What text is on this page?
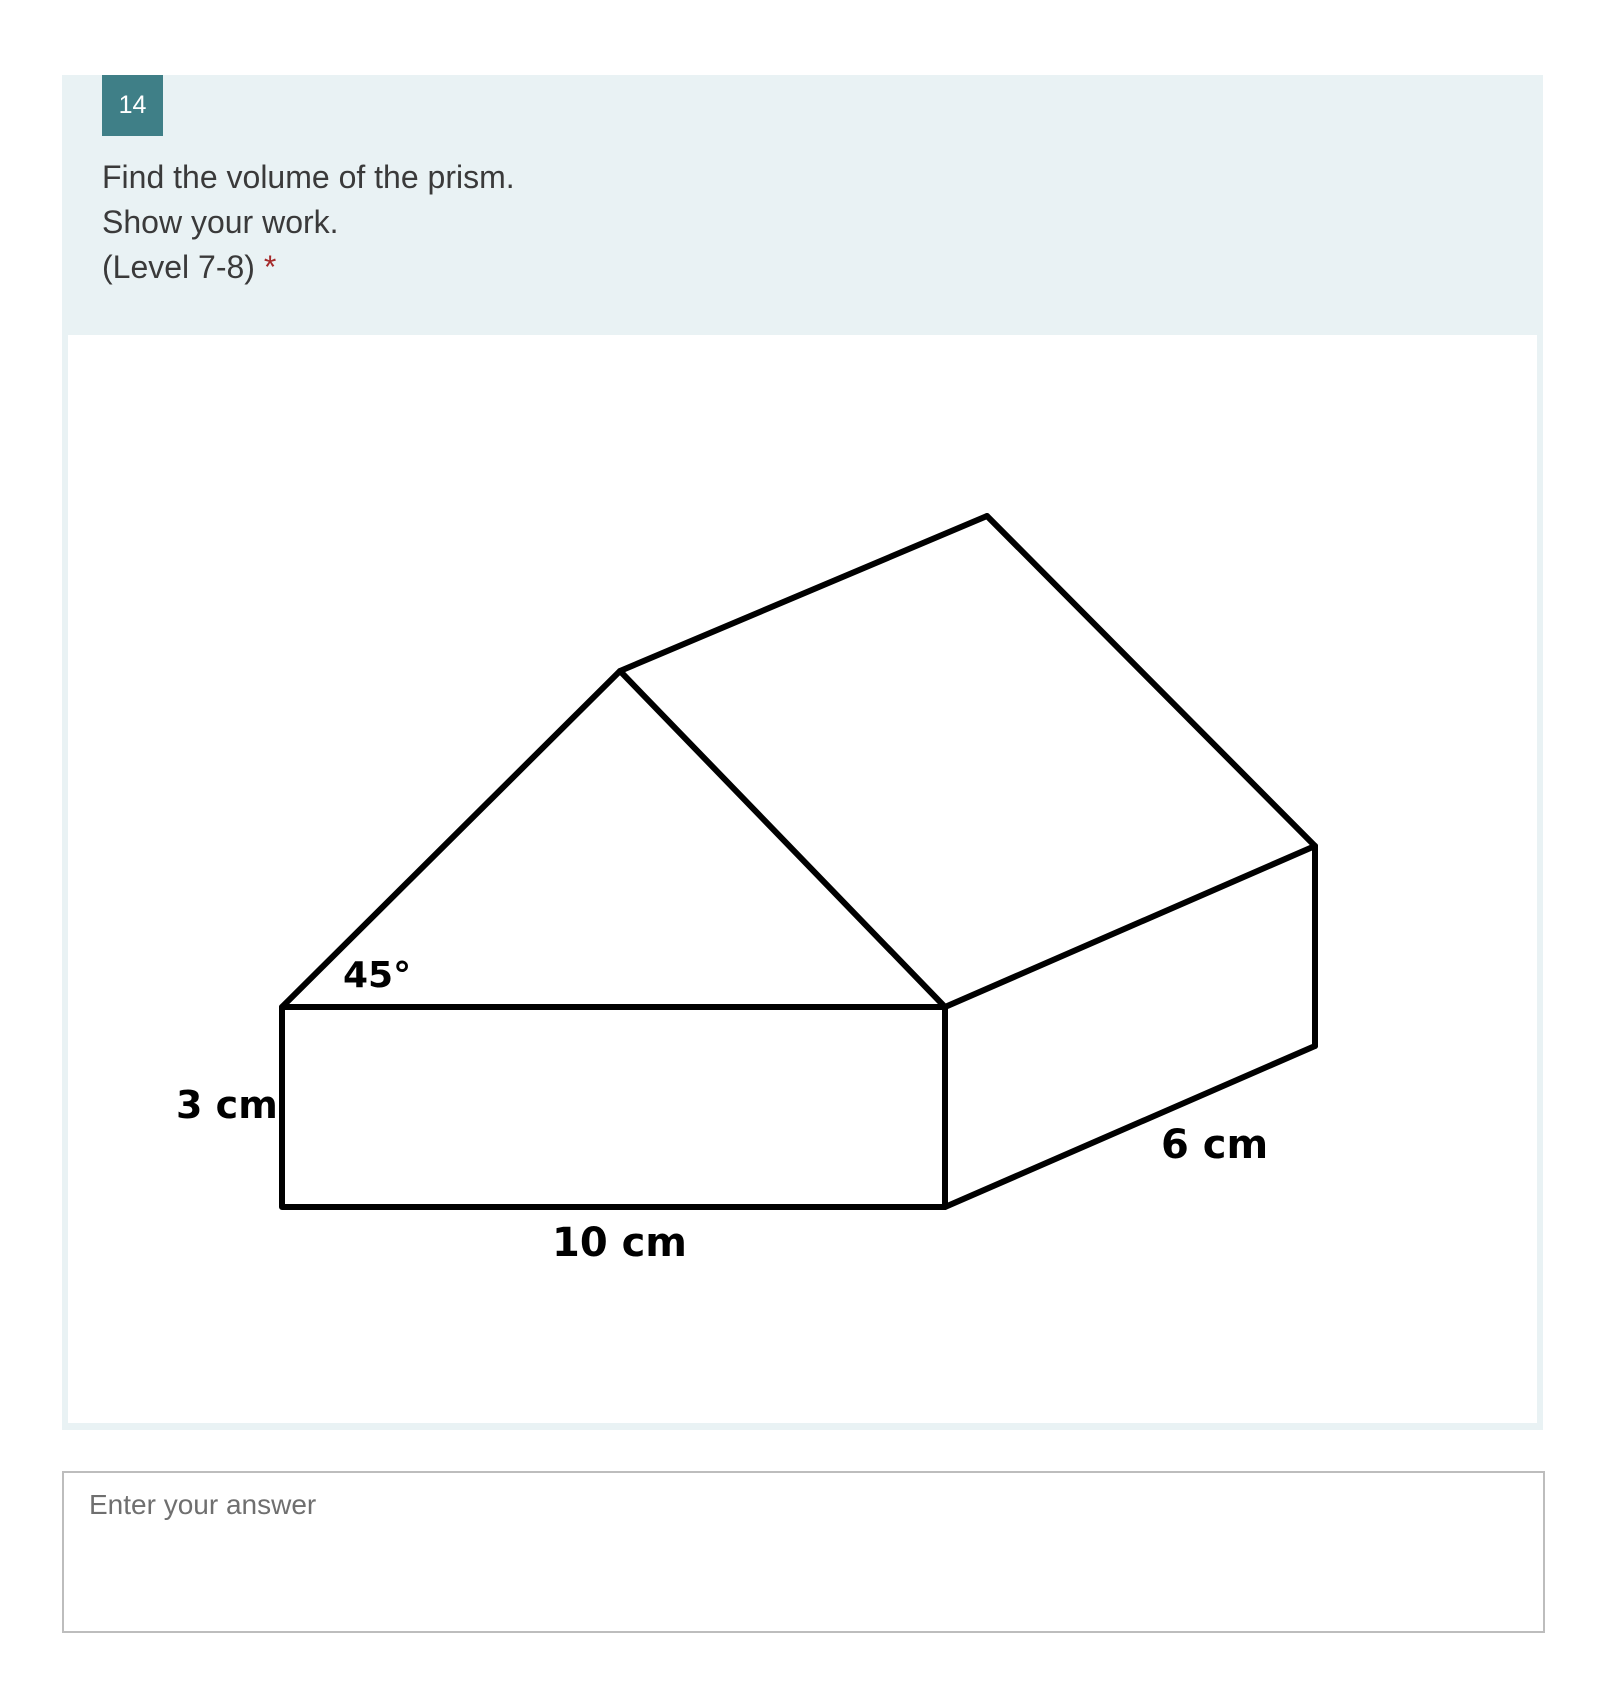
14
Find the volume of the prism.
Show your work.
(Level 7-8) *
45°
3 cm
10 cm
6 cm
Enter your answer
